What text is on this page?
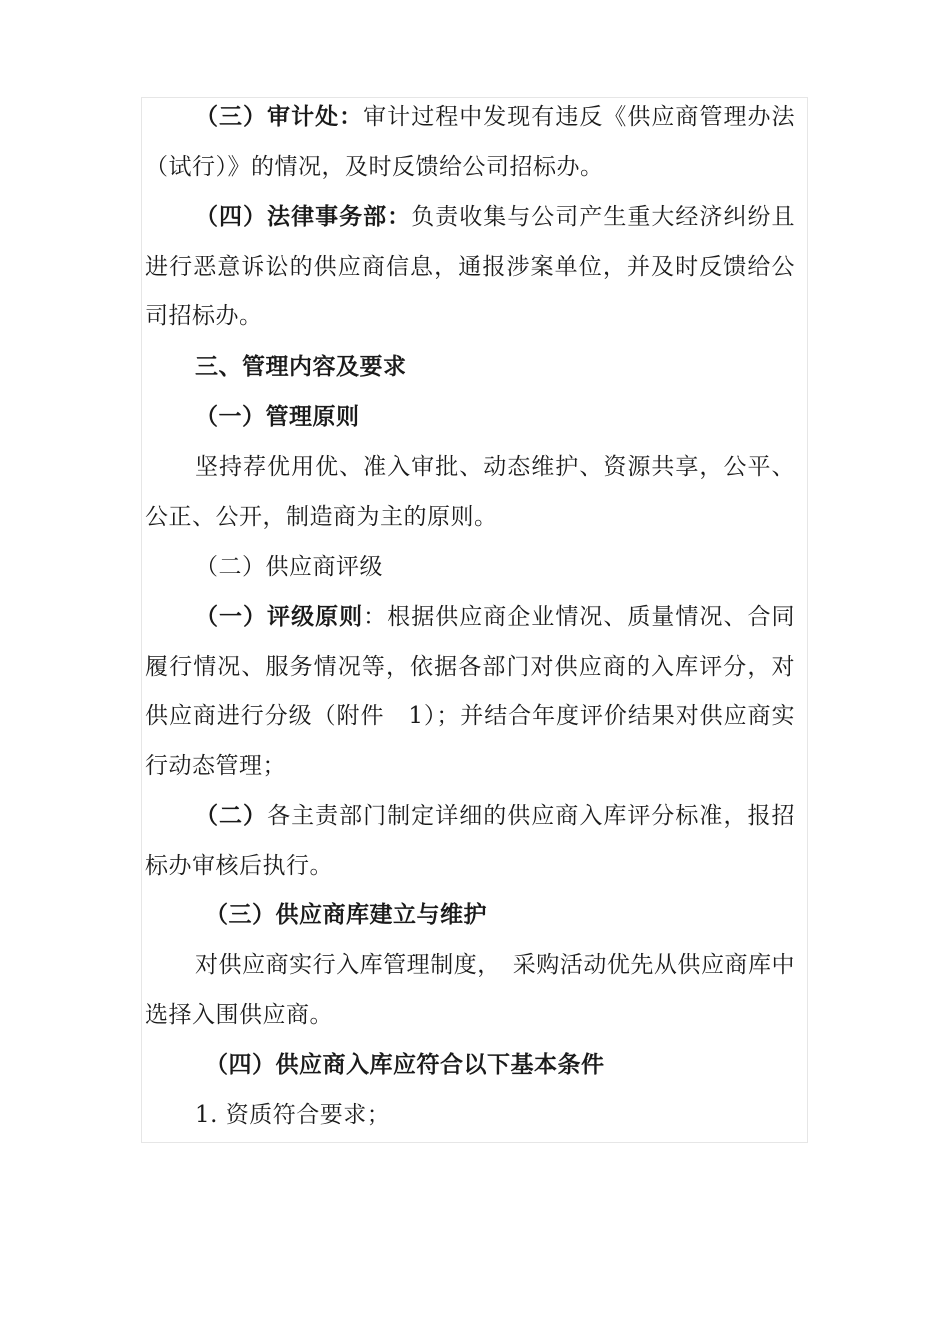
（三）审计处：审计过程中发现有违反《供应商管理办法（试行）》的情况，及时反馈给公司招标办。

（四）法律事务部：负责收集与公司产生重大经济纠纷且进行恶意诉讼的供应商信息，通报涉案单位，并及时反馈给公司招标办。

三、管理内容及要求

（一）管理原则

坚持荐优用优、准入审批、动态维护、资源共享，公平、公正、公开，制造商为主的原则。

（二）供应商评级

（一）评级原则：根据供应商企业情况、质量情况、合同履行情况、服务情况等，依据各部门对供应商的入库评分，对供应商进行分级（附件　1）；并结合年度评价结果对供应商实行动态管理；

（二）各主责部门制定详细的供应商入库评分标准，报招标办审核后执行。

（三）供应商库建立与维护

对供应商实行入库管理制度，　采购活动优先从供应商库中选择入围供应商。

（四）供应商入库应符合以下基本条件

1. 资质符合要求；
